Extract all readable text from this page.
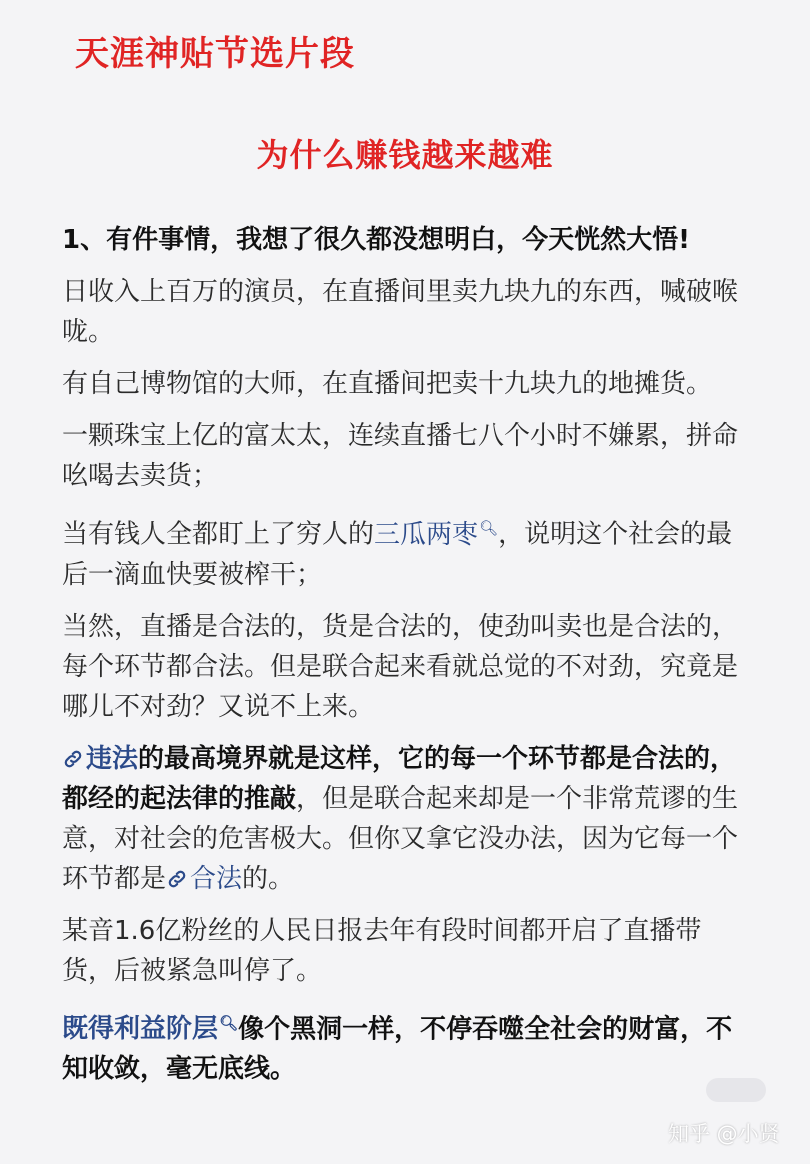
天涯神贴节选片段
为什么赚钱越来越难

1、有件事情，我想了很久都没想明白，今天恍然大悟!

日收入上百万的演员，在直播间里卖九块九的东西，喊破喉咙。

有自己博物馆的大师，在直播间把卖十九块九的地摊货。

一颗珠宝上亿的富太太，连续直播七八个小时不嫌累，拼命吆喝去卖货；

当有钱人全都盯上了穷人的三瓜两枣🔍︎，说明这个社会的最后一滴血快要被榨干；

当然，直播是合法的，货是合法的，使劲叫卖也是合法的，每个环节都合法。但是联合起来看就总觉的不对劲，究竟是哪儿不对劲？又说不上来。

违法的最高境界就是这样，它的每一个环节都是合法的，都经的起法律的推敲，但是联合起来却是一个非常荒谬的生意，对社会的危害极大。但你又拿它没办法，因为它每一个环节都是 合法的。

某音1.6亿粉丝的人民日报去年有段时间都开启了直播带货，后被紧急叫停了。

既得利益阶层🔍︎像个黑洞一样，不停吞噬全社会的财富，不知收敛，毫无底线。

知乎 @小贤
